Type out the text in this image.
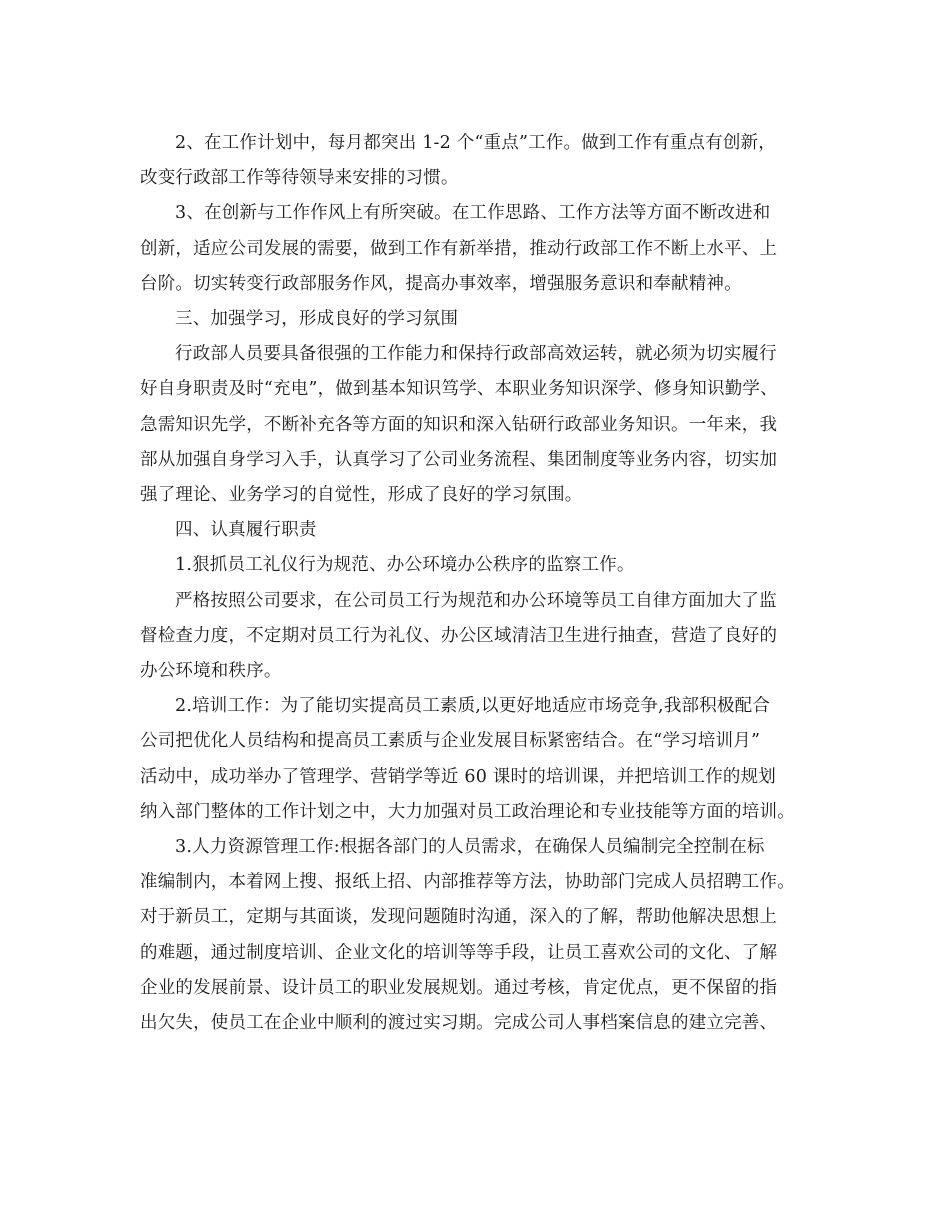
2、在工作计划中，每月都突出 1-2 个“重点”工作。做到工作有重点有创新，
改变行政部工作等待领导来安排的习惯。
3、在创新与工作作风上有所突破。在工作思路、工作方法等方面不断改进和
创新，适应公司发展的需要，做到工作有新举措，推动行政部工作不断上水平、上
台阶。切实转变行政部服务作风，提高办事效率，增强服务意识和奉献精神。
三、加强学习，形成良好的学习氛围
行政部人员要具备很强的工作能力和保持行政部高效运转，就必须为切实履行
好自身职责及时“充电”，做到基本知识笃学、本职业务知识深学、修身知识勤学、
急需知识先学，不断补充各等方面的知识和深入钻研行政部业务知识。一年来，我
部从加强自身学习入手，认真学习了公司业务流程、集团制度等业务内容，切实加
强了理论、业务学习的自觉性，形成了良好的学习氛围。
四、认真履行职责
1.狠抓员工礼仪行为规范、办公环境办公秩序的监察工作。
严格按照公司要求，在公司员工行为规范和办公环境等员工自律方面加大了监
督检查力度，不定期对员工行为礼仪、办公区域清洁卫生进行抽查，营造了良好的
办公环境和秩序。
2.培训工作：为了能切实提高员工素质,以更好地适应市场竞争,我部积极配合
公司把优化人员结构和提高员工素质与企业发展目标紧密结合。在“学习培训月”
活动中，成功举办了管理学、营销学等近 60 课时的培训课，并把培训工作的规划
纳入部门整体的工作计划之中，大力加强对员工政治理论和专业技能等方面的培训。
3.人力资源管理工作:根据各部门的人员需求，在确保人员编制完全控制在标
准编制内，本着网上搜、报纸上招、内部推荐等方法，协助部门完成人员招聘工作。
对于新员工，定期与其面谈，发现问题随时沟通，深入的了解，帮助他解决思想上
的难题，通过制度培训、企业文化的培训等等手段，让员工喜欢公司的文化、了解
企业的发展前景、设计员工的职业发展规划。通过考核，肯定优点，更不保留的指
出欠失，使员工在企业中顺利的渡过实习期。完成公司人事档案信息的建立完善、
